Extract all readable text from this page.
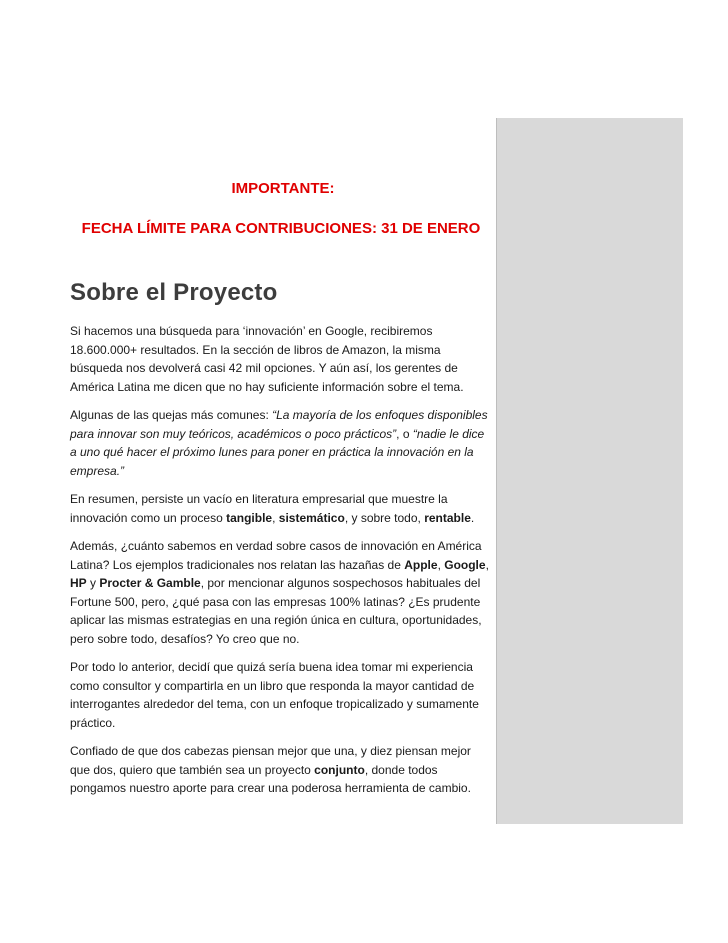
IMPORTANTE:
FECHA LÍMITE PARA CONTRIBUCIONES: 31 DE ENERO
Sobre el Proyecto

Si hacemos una búsqueda para ‘innovación’ en Google, recibiremos 18.600.000+ resultados. En la sección de libros de Amazon, la misma búsqueda nos devolverá casi 42 mil opciones. Y aún así, los gerentes de América Latina me dicen que no hay suficiente información sobre el tema.

Algunas de las quejas más comunes: “La mayoría de los enfoques disponibles para innovar son muy teóricos, académicos o poco prácticos”, o “nadie le dice a uno qué hacer el próximo lunes para poner en práctica la innovación en la empresa.”

En resumen, persiste un vacío en literatura empresarial que muestre la innovación como un proceso tangible, sistemático, y sobre todo, rentable.

Además, ¿cuánto sabemos en verdad sobre casos de innovación en América Latina? Los ejemplos tradicionales nos relatan las hazañas de Apple, Google, HP y Procter & Gamble, por mencionar algunos sospechosos habituales del Fortune 500, pero, ¿qué pasa con las empresas 100% latinas? ¿Es prudente aplicar las mismas estrategias en una región única en cultura, oportunidades, pero sobre todo, desafíos? Yo creo que no.

Por todo lo anterior, decidí que quizá sería buena idea tomar mi experiencia como consultor y compartirla en un libro que responda la mayor cantidad de interrogantes alrededor del tema, con un enfoque tropicalizado y sumamente práctico.

Confiado de que dos cabezas piensan mejor que una, y diez piensan mejor que dos, quiero que también sea un proyecto conjunto, donde todos pongamos nuestro aporte para crear una poderosa herramienta de cambio.
